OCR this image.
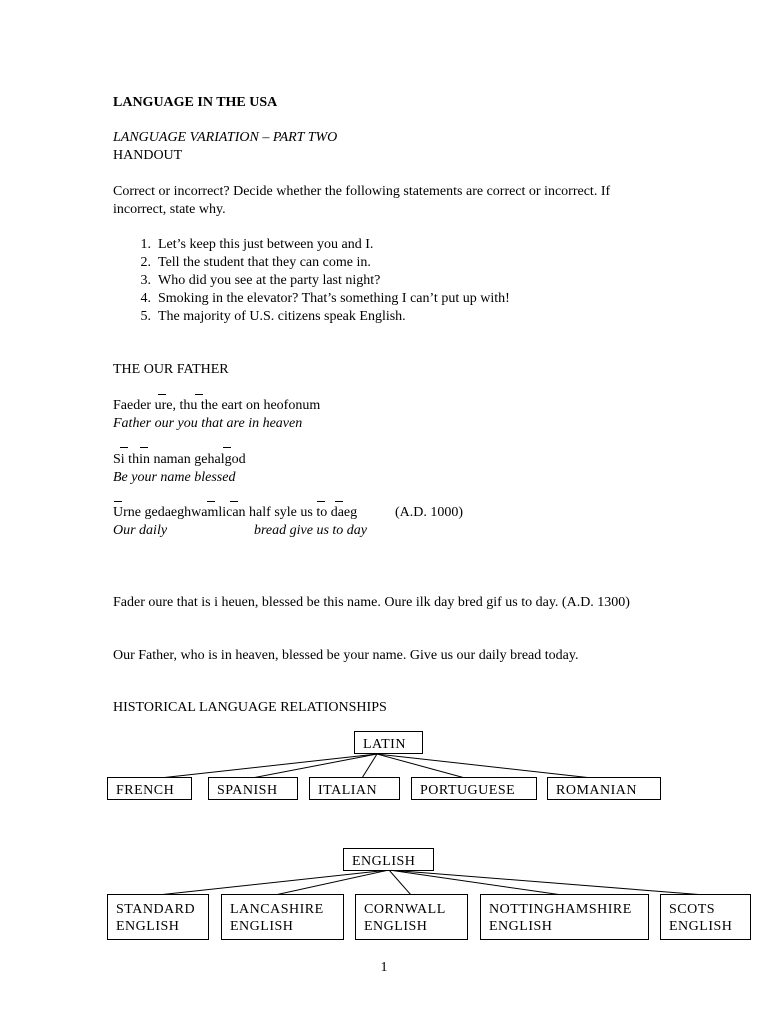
LANGUAGE IN THE USA
LANGUAGE VARIATION – PART TWO
HANDOUT
Correct or incorrect? Decide whether the following statements are correct or incorrect. If incorrect, state why.
1. Let’s keep this just between you and I.
2. Tell the student that they can come in.
3. Who did you see at the party last night?
4. Smoking in the elevator? That’s something I can’t put up with!
5. The majority of U.S. citizens speak English.
THE OUR FATHER
Faeder ure, thu the eart on heofonum
Father our you that are in heaven
Si thin naman gehalgod
Be your name blessed
Urne gedaeghwamlican half syle us to daeg	(A.D. 1000)
Our daily	bread give us to day
Fader oure that is i heuen, blessed be this name. Oure ilk day bred gif us to day. (A.D. 1300)
Our Father, who is in heaven, blessed be your name. Give us our daily bread today.
HISTORICAL LANGUAGE RELATIONSHIPS
LATIN
FRENCH	SPANISH	ITALIAN	PORTUGUESE	ROMANIAN
ENGLISH
STANDARD
ENGLISH
LANCASHIRE
ENGLISH
CORNWALL
ENGLISH
NOTTINGHAMSHIRE
ENGLISH
SCOTS
ENGLISH
1
